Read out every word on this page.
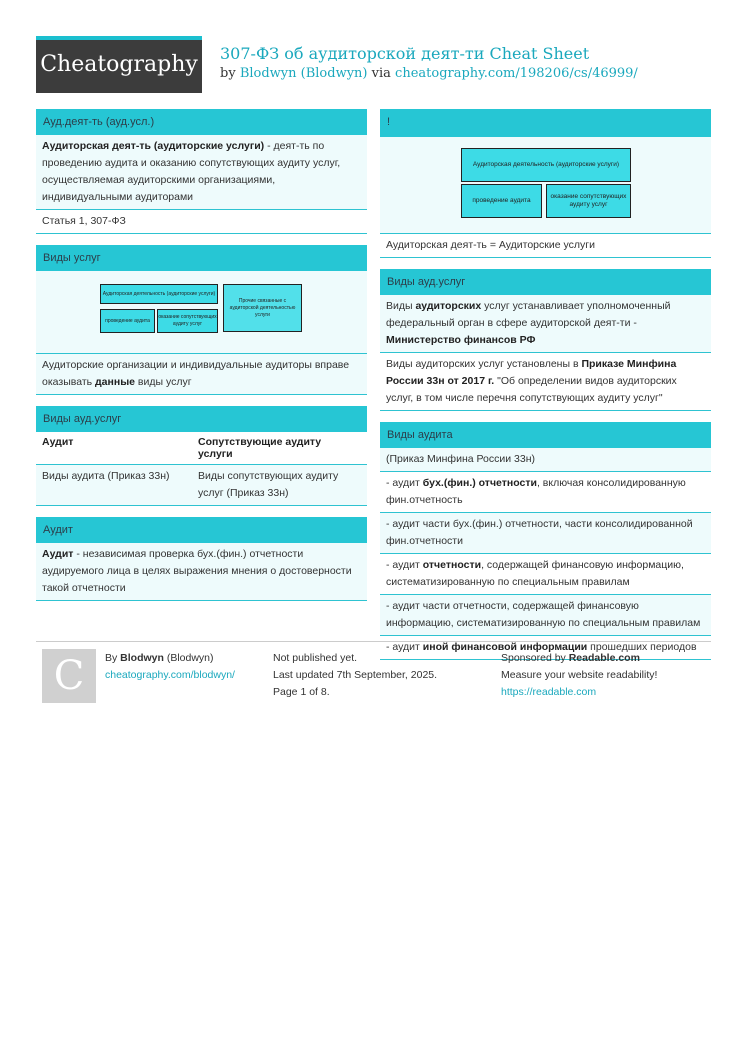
Cheatography 307-ФЗ об аудиторской деят-ти Cheat Sheet
by Blodwyn (Blodwyn) via cheatography.com/198206/cs/46999/
Ауд.деят-ть (ауд.усл.)
Аудиторская деят-ть (аудиторские услуги) - деят-ть по проведению аудита и оказанию сопутствующих аудиту услуг, осуществляемая аудиторскими организациями, индивидуальными аудиторами
Статья 1, 307-ФЗ
Виды услуг
Аудиторская деятельность (аудиторские услуги)
проведение аудита
оказание сопутствующих аудиту услуг
Прочие связанные с аудиторской деятельностью услуги
Аудиторские организации и индивидуальные аудиторы вправе оказывать данные виды услуг
Виды ауд.услуг
Аудит	Сопутствующие аудиту услуги
Виды аудита (Приказ 33н)	Виды сопутствующих аудиту услуг (Приказ 33н)
Аудит
Аудит - независимая проверка бух.(фин.) отчетности аудируемого лица в целях выражения мнения о достоверности такой отчетности
!
Аудиторская деятельность (аудиторские услуги)
проведение аудита
оказание сопутствующих аудиту услуг
Аудиторская деят-ть = Аудиторские услуги
Виды ауд.услуг
Виды аудиторских услуг устанавливает уполномоченный федеральный орган в сфере аудиторской деят-ти - Министерство финансов РФ
Виды аудиторских услуг установлены в Приказе Минфина России 33н от 2017 г. "Об определении видов аудиторских услуг, в том числе перечня сопутствующих аудиту услуг"
Виды аудита
(Приказ Минфина России 33н)
- аудит бух.(фин.) отчетности, включая консолидированную фин.отчетность
- аудит части бух.(фин.) отчетности, части консолидированной фин.отчетности
- аудит отчетности, содержащей финансовую информацию, систематизированную по специальным правилам
- аудит части отчетности, содержащей финансовую информацию, систематизированную по специальным правилам
- аудит иной финансовой информации прошедших периодов
C By Blodwyn (Blodwyn)
cheatography.com/blodwyn/
Not published yet.
Last updated 7th September, 2025.
Page 1 of 8.
Sponsored by Readable.com
Measure your website readability!
https://readable.com
